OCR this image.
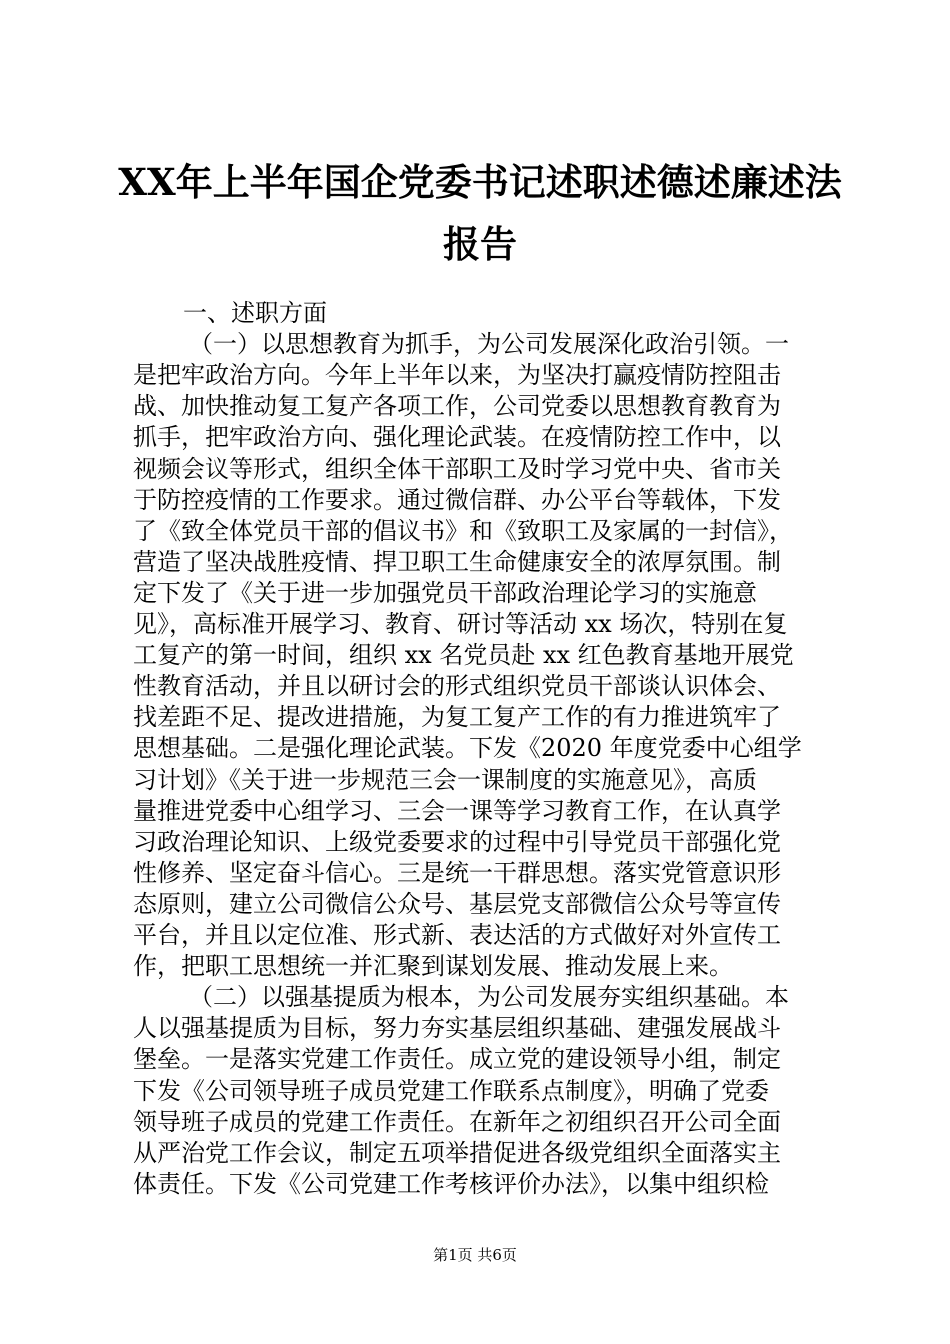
XX年上半年国企党委书记述职述德述廉述法
报告
一、述职方面
（一）以思想教育为抓手，为公司发展深化政治引领。一
是把牢政治方向。今年上半年以来，为坚决打赢疫情防控阻击
战、加快推动复工复产各项工作，公司党委以思想教育教育为
抓手，把牢政治方向、强化理论武装。在疫情防控工作中，以
视频会议等形式，组织全体干部职工及时学习党中央、省市关
于防控疫情的工作要求。通过微信群、办公平台等载体，下发
了《致全体党员干部的倡议书》和《致职工及家属的一封信》，
营造了坚决战胜疫情、捍卫职工生命健康安全的浓厚氛围。制
定下发了《关于进一步加强党员干部政治理论学习的实施意
见》，高标准开展学习、教育、研讨等活动 xx 场次，特别在复
工复产的第一时间，组织 xx 名党员赴 xx 红色教育基地开展党
性教育活动，并且以研讨会的形式组织党员干部谈认识体会、
找差距不足、提改进措施，为复工复产工作的有力推进筑牢了
思想基础。二是强化理论武装。下发《2020 年度党委中心组学
习计划》《关于进一步规范三会一课制度的实施意见》，高质
量推进党委中心组学习、三会一课等学习教育工作，在认真学
习政治理论知识、上级党委要求的过程中引导党员干部强化党
性修养、坚定奋斗信心。三是统一干群思想。落实党管意识形
态原则，建立公司微信公众号、基层党支部微信公众号等宣传
平台，并且以定位准、形式新、表达活的方式做好对外宣传工
作，把职工思想统一并汇聚到谋划发展、推动发展上来。
（二）以强基提质为根本，为公司发展夯实组织基础。本
人以强基提质为目标，努力夯实基层组织基础、建强发展战斗
堡垒。一是落实党建工作责任。成立党的建设领导小组，制定
下发《公司领导班子成员党建工作联系点制度》，明确了党委
领导班子成员的党建工作责任。在新年之初组织召开公司全面
从严治党工作会议，制定五项举措促进各级党组织全面落实主
体责任。下发《公司党建工作考核评价办法》，以集中组织检
第1页 共6页
